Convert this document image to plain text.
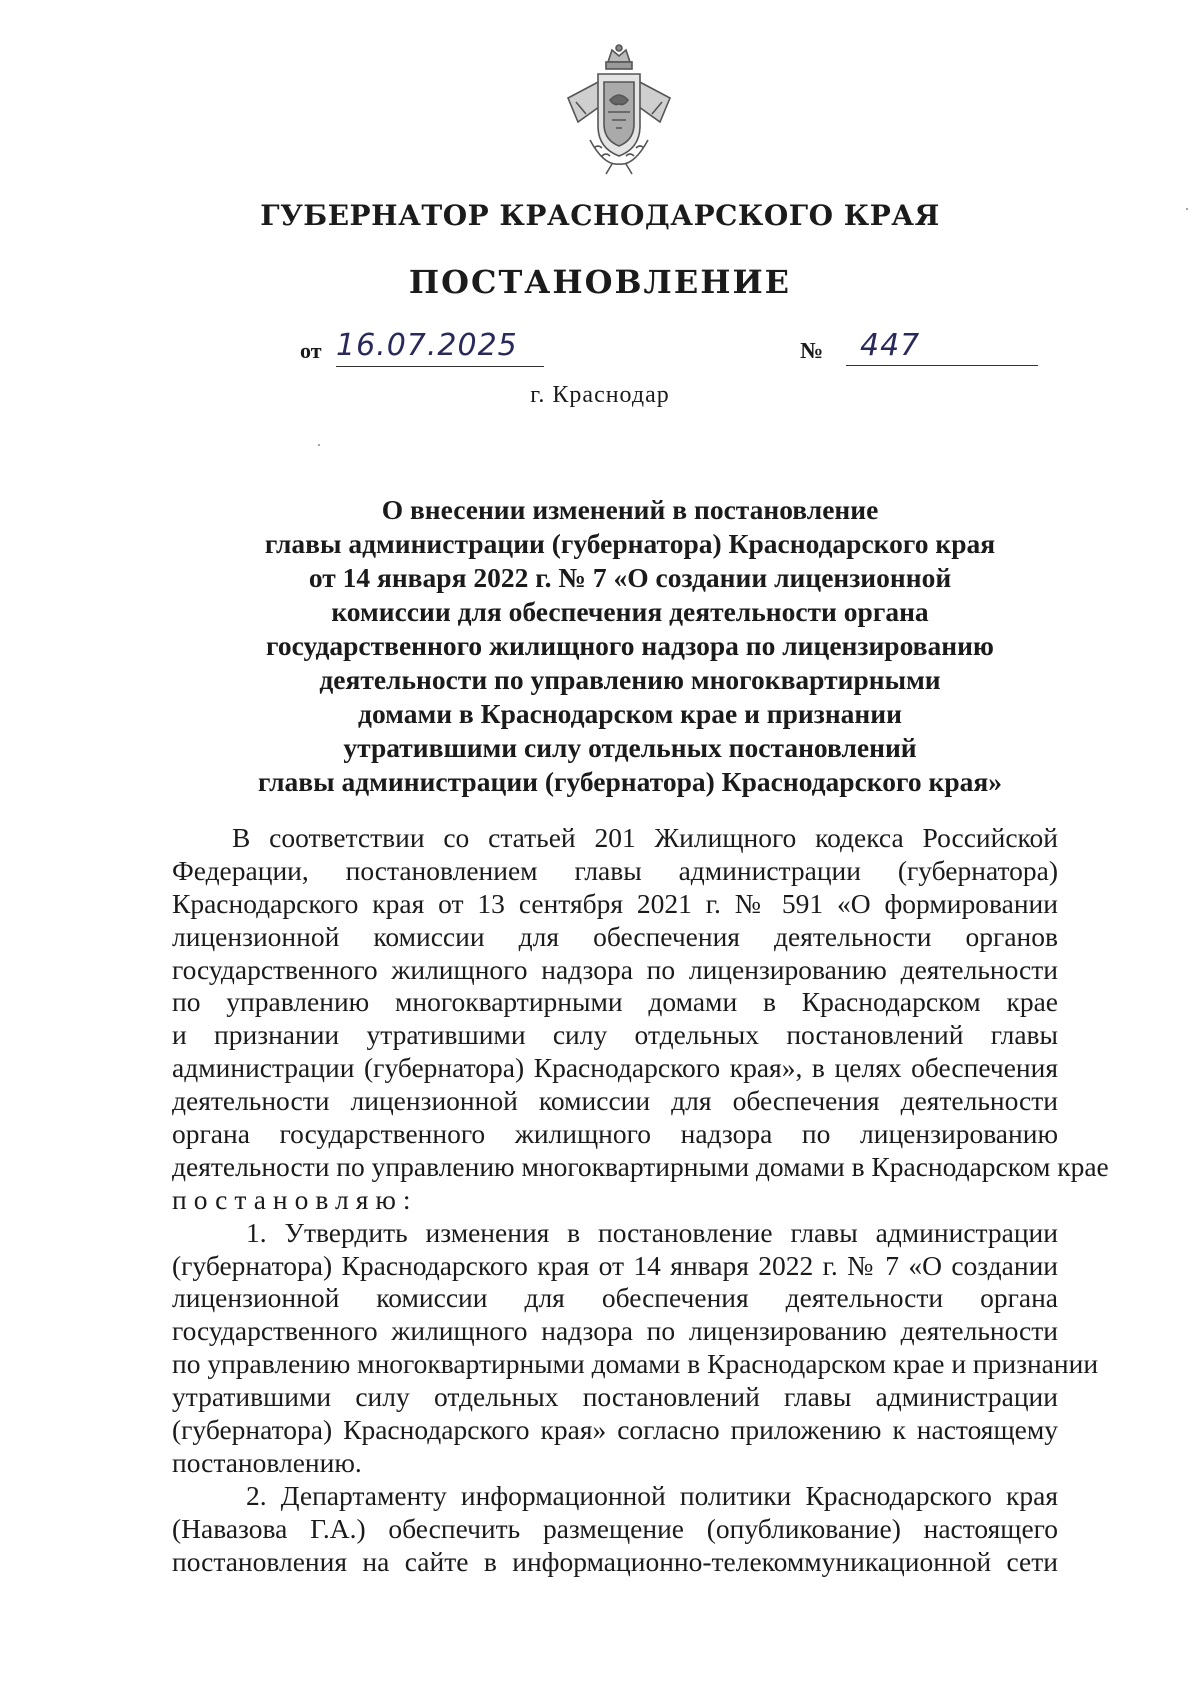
ГУБЕРНАТОР КРАСНОДАРСКОГО КРАЯ
ПОСТАНОВЛЕНИЕ
от 16.07.2025	№	447
г. Краснодар
О внесении изменений в постановление
главы администрации (губернатора) Краснодарского края
от 14 января 2022 г. № 7 «О создании лицензионной
комиссии для обеспечения деятельности органа
государственного жилищного надзора по лицензированию
деятельности по управлению многоквартирными
домами в Краснодарском крае и признании
утратившими силу отдельных постановлений
главы администрации (губернатора) Краснодарского края»
В соответствии со статьей 201 Жилищного кодекса Российской
Федерации, постановлением главы администрации (губернатора)
Краснодарского края от 13 сентября 2021 г. № 591 «О формировании
лицензионной комиссии для обеспечения деятельности органов
государственного жилищного надзора по лицензированию деятельности
по управлению многоквартирными домами в Краснодарском крае
и признании утратившими силу отдельных постановлений главы
администрации (губернатора) Краснодарского края», в целях обеспечения
деятельности лицензионной комиссии для обеспечения деятельности
органа государственного жилищного надзора по лицензированию
деятельности по управлению многоквартирными домами в Краснодарском крае
постановляю:
1. Утвердить изменения в постановление главы администрации
(губернатора) Краснодарского края от 14 января 2022 г. № 7 «О создании
лицензионной комиссии для обеспечения деятельности органа
государственного жилищного надзора по лицензированию деятельности
по управлению многоквартирными домами в Краснодарском крае и признании
утратившими силу отдельных постановлений главы администрации
(губернатора) Краснодарского края» согласно приложению к настоящему
постановлению.
2. Департаменту информационной политики Краснодарского края
(Навазова Г.А.) обеспечить размещение (опубликование) настоящего
постановления на сайте в информационно-телекоммуникационной сети
